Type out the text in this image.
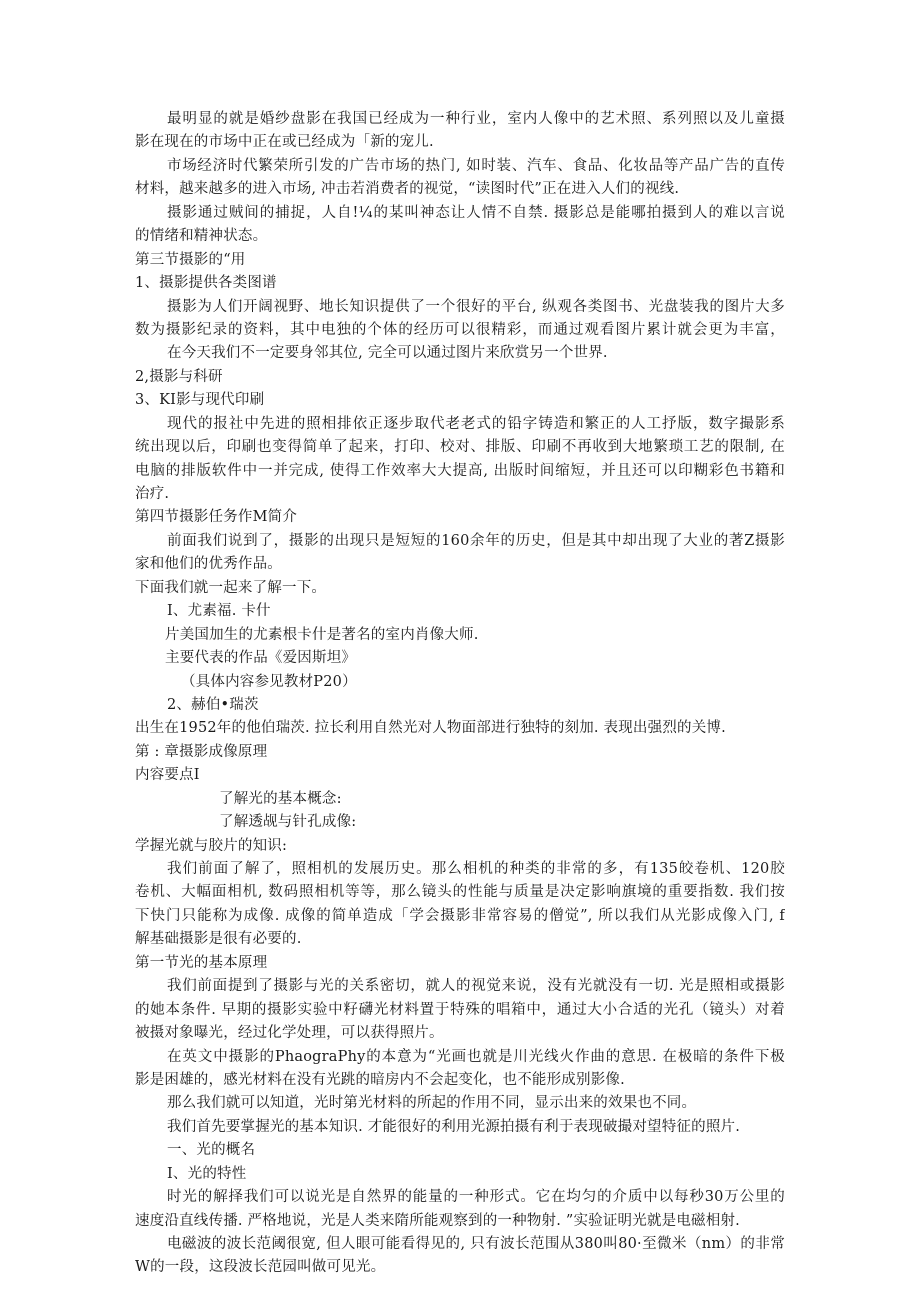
最明显的就是婚纱盘影在我国已经成为一种行业，室内人像中的艺术照、系列照以及儿童摄
影在现在的市场中正在或已经成为「新的宠儿.
市场经济时代繁荣所引发的广告市场的热门, 如时装、汽车、食品、化妆品等产品广告的直传
材料，越来越多的进入市场, 冲击若消费者的视觉，“读图时代”正在进入人们的视线.
摄影通过贼间的捕捉，人自!¼的某叫神态让人情不自禁. 摄影总是能哪拍摄到人的难以言说
的情绪和精神状态。
第三节摄影的“用
1、摄影提供各类图谱
摄影为人们开阔视野、地长知识提供了一个很好的平台, 纵观各类图书、光盘装我的图片大多
数为摄影纪录的资料，其中电独的个体的经历可以很精彩，而通过观看图片累计就会更为丰富，
在今天我们不一定要身邻其位, 完全可以通过图片来欣赏另一个世界.
2,摄影与科研
3、KI影与现代印刷
现代的报社中先进的照相排依正逐步取代老老式的铅字铸造和繁正的人工抒版，数字撮影系
统出现以后，印刷也变得简单了起来，打印、校对、排版、印刷不再收到大地繁琐工艺的限制, 在
电脑的排版软件中一并完成, 使得工作效率大大提高, 出版时间缩短，并且还可以印糊彩色书籍和
治疗.
第四节摄影任务作M简介
前面我们说到了，摄影的出现只是短短的160余年的历史，但是其中却出现了大业的著Z摄影
家和他们的优秀作品。
下面我们就一起来了解一下。
I、尤素福. 卡什
片美国加生的尤素根卡什是著名的室内肖像大师.
主要代表的作品《爱因斯坦》
（具体内容参见教材P20）
2、赫伯•瑞茨
出生在1952年的他伯瑞茨. 拉长利用自然光对人物面部进行独特的刻加. 表现出强烈的关博.
第 : 章摄影成像原理
内容要点I
了解光的基本概念:
了解透觇与针孔成像:
学握光就与胶片的知识:
我们前面了解了，照相机的发展历史。那么相机的种类的非常的多，有135皎卷机、120胶
卷机、大幅面相机, 数码照相机等等，那么镜头的性能与质量是决定影响旗境的重要指数. 我们按
下快门只能称为成像. 成像的简单造成「学会摄影非常容易的僧觉”, 所以我们从光影成像入门, f
解基础摄影是很有必要的.
第一节光的基本原理
我们前面提到了摄影与光的关系密切，就人的视觉来说，没有光就没有一切. 光是照相或摄影
的她本条件. 早期的摄影实验中籽礴光材料置于特殊的唱箱中，通过大小合适的光孔（镜头）对着
被摄对象曝光，经过化学处理，可以获得照片。
在英文中摄影的PhaograPhy的本意为“光画也就是川光线火作曲的意思. 在极暗的条件下极
影是困雄的，感光材料在没有光跳的暗房内不会起变化，也不能形成别影像.
那么我们就可以知道，光时第光材料的所起的作用不同，显示出来的效果也不同。
我们首先要掌握光的基本知识. 才能很好的利用光源拍摄有利于表现破撮对望特征的照片.
一、光的概名
I、光的特性
时光的解择我们可以说光是自然界的能量的一种形式。它在均匀的介质中以每秒30万公里的
速度沿直线传播. 严格地说，光是人类来隋所能观察到的一种物射. ”实验证明光就是电磁相射.
电磁波的波长范阈很宽, 但人眼可能看得见的, 只有波长范围从380叫80·至微米（nm）的非常
W的一段，这段波长范园叫做可见光。
